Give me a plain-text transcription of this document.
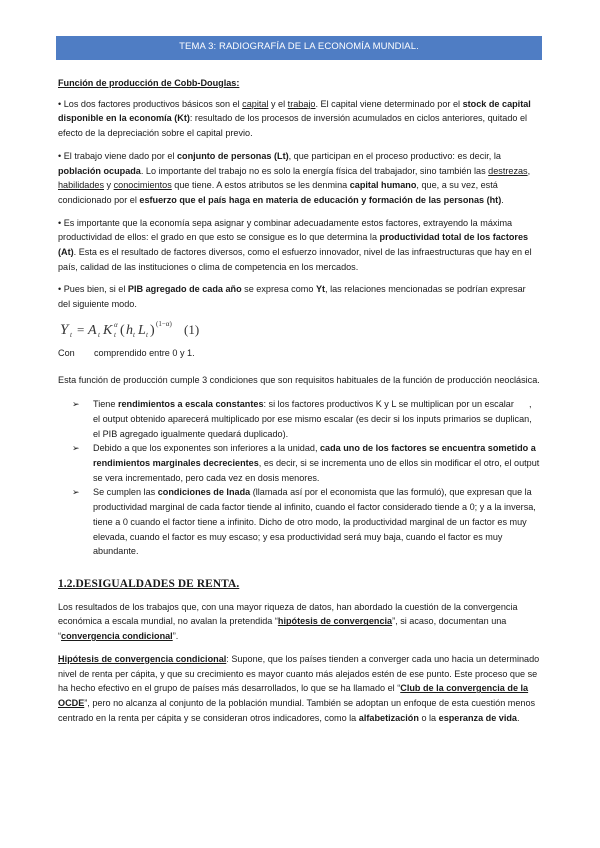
TEMA 3: RADIOGRAFÍA DE LA ECONOMÍA MUNDIAL.
Función de producción de Cobb-Douglas:
• Los dos factores productivos básicos son el capital y el trabajo. El capital viene determinado por el stock de capital disponible en la economía (Kt): resultado de los procesos de inversión acumulados en ciclos anteriores, quitado el efecto de la depreciación sobre el capital previo.
• El trabajo viene dado por el conjunto de personas (Lt), que participan en el proceso productivo: es decir, la población ocupada. Lo importante del trabajo no es solo la energía física del trabajador, sino también las destrezas, habilidades y conocimientos que tiene. A estos atributos se les denmina capital humano, que, a su vez, está condicionado por el esfuerzo que el país haga en materia de educación y formación de las personas (ht).
• Es importante que la economía sepa asignar y combinar adecuadamente estos factores, extrayendo la máxima productividad de ellos: el grado en que esto se consigue es lo que determina la productividad total de los factores (At). Esta es el resultado de factores diversos, como el esfuerzo innovador, nivel de las infraestructuras que hay en el país, calidad de las instituciones o clima de competencia en los mercados.
• Pues bien, si el PIB agregado de cada año se expresa como Yt, las relaciones mencionadas se podrían expresar del siguiente modo.
Y t = A t K α
t ( h t L t ) (1−α) (1)
Con comprendido entre 0 y 1.
Esta función de producción cumple 3 condiciones que son requisitos habituales de la función de producción neoclásica.
➢ Tiene rendimientos a escala constantes: si los factores productivos K y L se multiplican por un escalar      , el output obtenido aparecerá multiplicado por ese mismo escalar (es decir si los inputs primarios se duplican, el PIB agregado igualmente quedará duplicado).
➢ Debido a que los exponentes son inferiores a la unidad, cada uno de los factores se encuentra sometido a rendimientos marginales decrecientes, es decir, si se incrementa uno de ellos sin modificar el otro, el output se vera incrementado, pero cada vez en dosis menores.
➢ Se cumplen las condiciones de Inada (llamada así por el economista que las formuló), que expresan que la productividad marginal de cada factor tiende al infinito, cuando el factor considerado tiende a 0; y a la inversa, tiene a 0 cuando el factor tiene a infinito. Dicho de otro modo, la productividad marginal de un factor es muy elevada, cuando el factor es muy escaso; y esa productividad será muy baja, cuando el factor es muy abundante.
1.2.DESIGUALDADES DE RENTA.
Los resultados de los trabajos que, con una mayor riqueza de datos, han abordado la cuestión de la convergencia económica a escala mundial, no avalan la pretendida “hipótesis de convergencia”, si acaso, documentan una “convergencia condicional”.
Hipótesis de convergencia condicional: Supone, que los países tienden a converger cada uno hacia un determinado nivel de renta per cápita, y que su crecimiento es mayor cuanto más alejados estén de ese punto. Este proceso que se ha hecho efectivo en el grupo de países más desarrollados, lo que se ha llamado el “Club de la convergencia de la OCDE”, pero no alcanza al conjunto de la población mundial. También se adoptan un enfoque de esta cuestión menos centrado en la renta per cápita y se consideran otros indicadores, como la alfabetización o la esperanza de vida.
